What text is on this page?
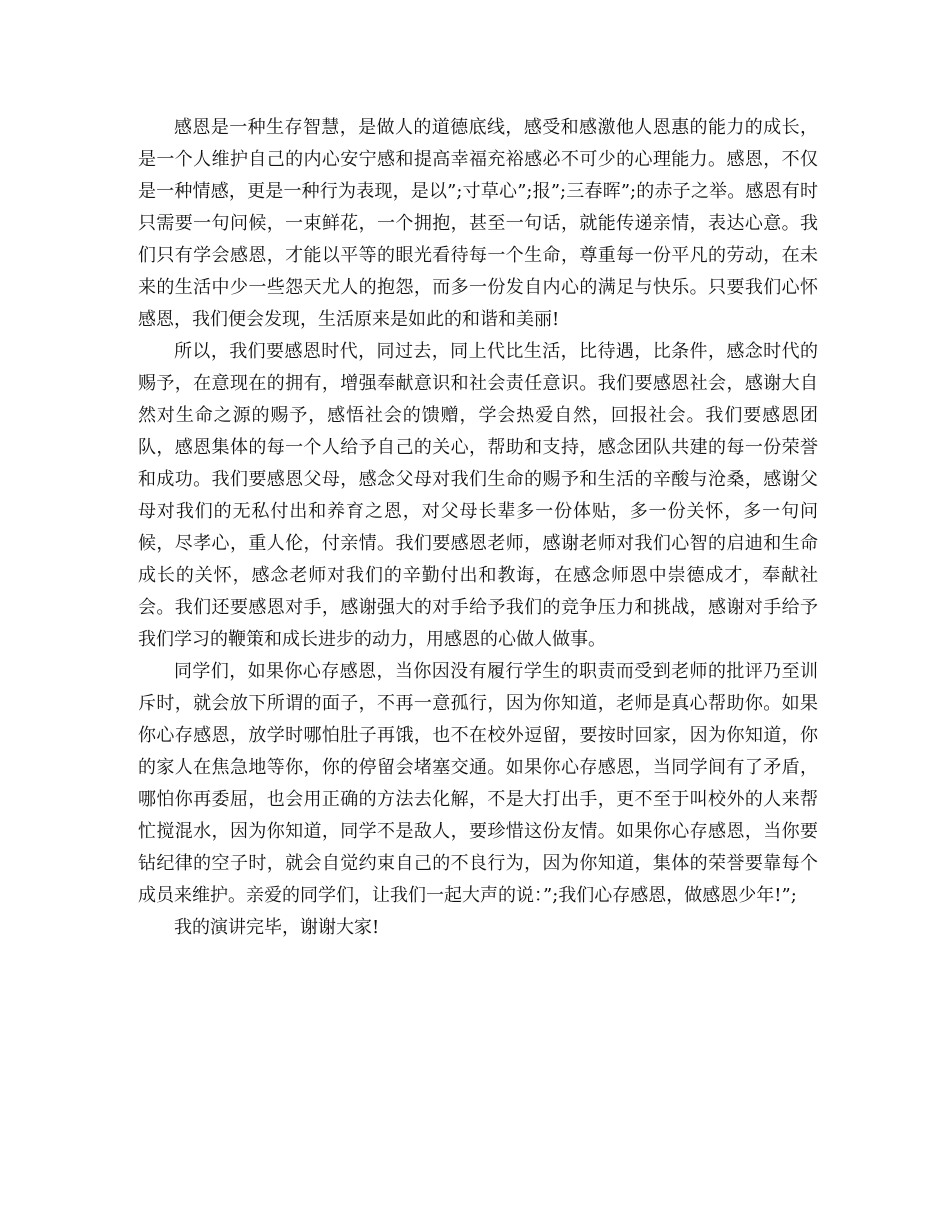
感恩是一种生存智慧，是做人的道德底线，感受和感激他人恩惠的能力的成长，是一个人维护自己的内心安宁感和提高幸福充裕感必不可少的心理能力。感恩，不仅是一种情感，更是一种行为表现，是以”;寸草心”;报”;三春晖”;的赤子之举。感恩有时只需要一句问候，一束鲜花，一个拥抱，甚至一句话，就能传递亲情，表达心意。我们只有学会感恩，才能以平等的眼光看待每一个生命，尊重每一份平凡的劳动，在未来的生活中少一些怨天尤人的抱怨，而多一份发自内心的满足与快乐。只要我们心怀感恩，我们便会发现，生活原来是如此的和谐和美丽!

所以，我们要感恩时代，同过去，同上代比生活，比待遇，比条件，感念时代的赐予，在意现在的拥有，增强奉献意识和社会责任意识。我们要感恩社会，感谢大自然对生命之源的赐予，感悟社会的馈赠，学会热爱自然，回报社会。我们要感恩团队，感恩集体的每一个人给予自己的关心，帮助和支持，感念团队共建的每一份荣誉和成功。我们要感恩父母，感念父母对我们生命的赐予和生活的辛酸与沧桑，感谢父母对我们的无私付出和养育之恩，对父母长辈多一份体贴，多一份关怀，多一句问候，尽孝心，重人伦，付亲情。我们要感恩老师，感谢老师对我们心智的启迪和生命成长的关怀，感念老师对我们的辛勤付出和教诲，在感念师恩中崇德成才，奉献社会。我们还要感恩对手，感谢强大的对手给予我们的竞争压力和挑战，感谢对手给予我们学习的鞭策和成长进步的动力，用感恩的心做人做事。

同学们，如果你心存感恩，当你因没有履行学生的职责而受到老师的批评乃至训斥时，就会放下所谓的面子，不再一意孤行，因为你知道，老师是真心帮助你。如果你心存感恩，放学时哪怕肚子再饿，也不在校外逗留，要按时回家，因为你知道，你的家人在焦急地等你，你的停留会堵塞交通。如果你心存感恩，当同学间有了矛盾，哪怕你再委屈，也会用正确的方法去化解，不是大打出手，更不至于叫校外的人来帮忙搅混水，因为你知道，同学不是敌人，要珍惜这份友情。如果你心存感恩，当你要钻纪律的空子时，就会自觉约束自己的不良行为，因为你知道，集体的荣誉要靠每个成员来维护。亲爱的同学们，让我们一起大声的说：”;我们心存感恩，做感恩少年!”;

我的演讲完毕，谢谢大家!
